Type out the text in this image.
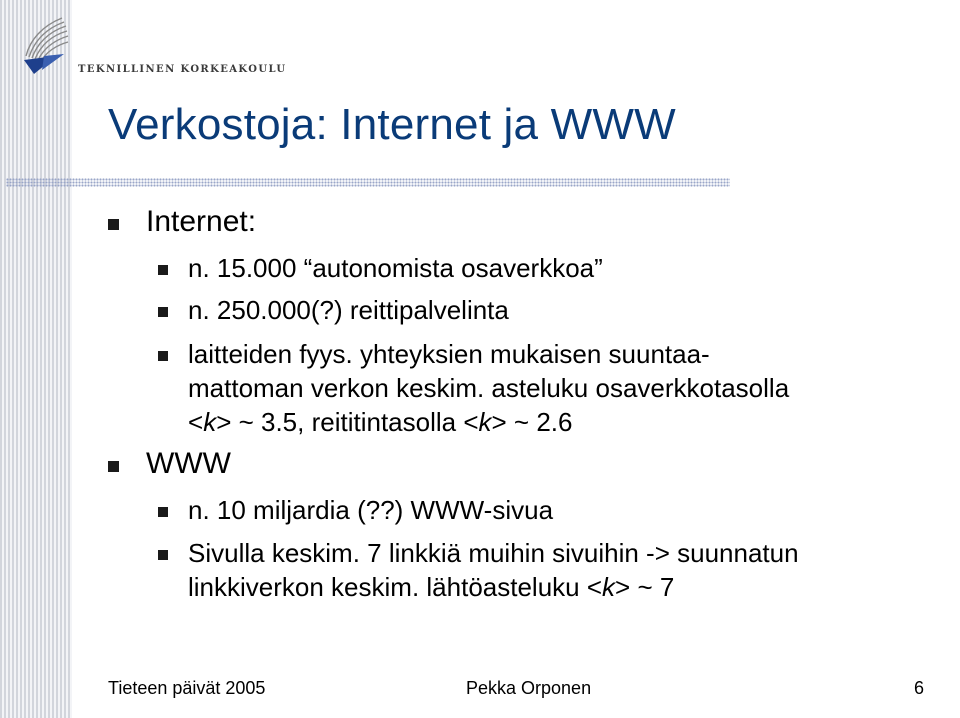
TEKNILLINEN KORKEAKOULU
Verkostoja: Internet ja WWW
Internet:
n. 15.000 “autonomista osaverkkoa”
n. 250.000(?) reittipalvelinta
laitteiden fyys. yhteyksien mukaisen suuntaa-
mattoman verkon keskim. asteluku osaverkkotasolla
<k> ~ 3.5, reititintasolla <k> ~ 2.6
WWW
n. 10 miljardia (??) WWW-sivua
Sivulla keskim. 7 linkkiä muihin sivuihin -> suunnatun
linkkiverkon keskim. lähtöasteluku <k> ~ 7
Tieteen päivät 2005	Pekka Orponen	6
